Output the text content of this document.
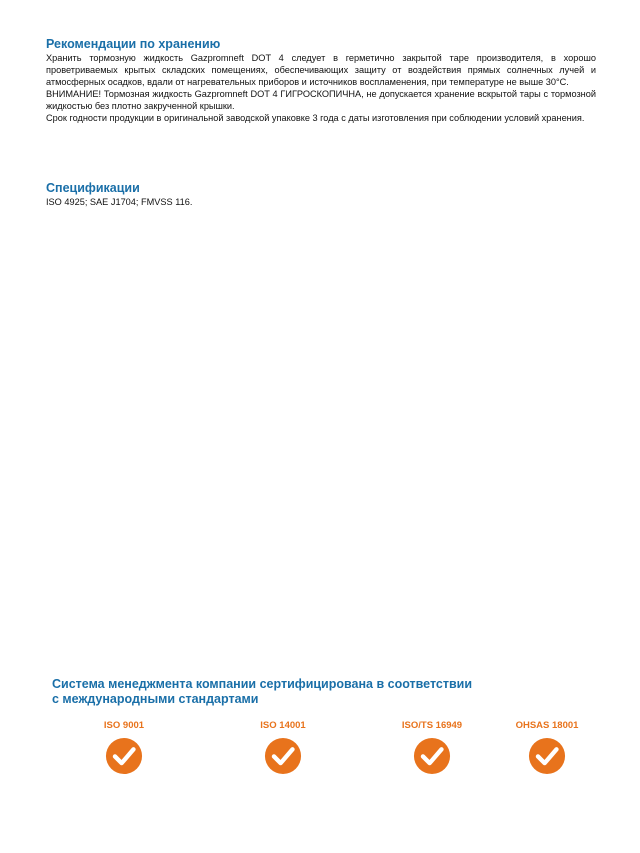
Рекомендации по хранению

Хранить тормозную жидкость Gazpromneft DOT 4 следует в герметично закрытой таре производителя, в хорошо проветриваемых крытых складских помещениях, обеспечивающих защиту от воздействия прямых солнечных лучей и атмосферных осадков, вдали от нагревательных приборов и источников воспламенения, при температуре не выше 30°C.

ВНИМАНИЕ! Тормозная жидкость Gazpromneft DOT 4 ГИГРОСКОПИЧНА, не допускается хранение вскрытой тары с тормозной жидкостью без плотно закрученной крышки.

Срок годности продукции в оригинальной заводской упаковке 3 года с даты изготовления при соблюдении условий хранения.

Спецификации

ISO 4925; SAE J1704; FMVSS 116.

Система менеджмента компании сертифицирована в соответствии

с международными стандартами

ISO 9001	ISO 14001	ISO/TS 16949	OHSAS 18001
